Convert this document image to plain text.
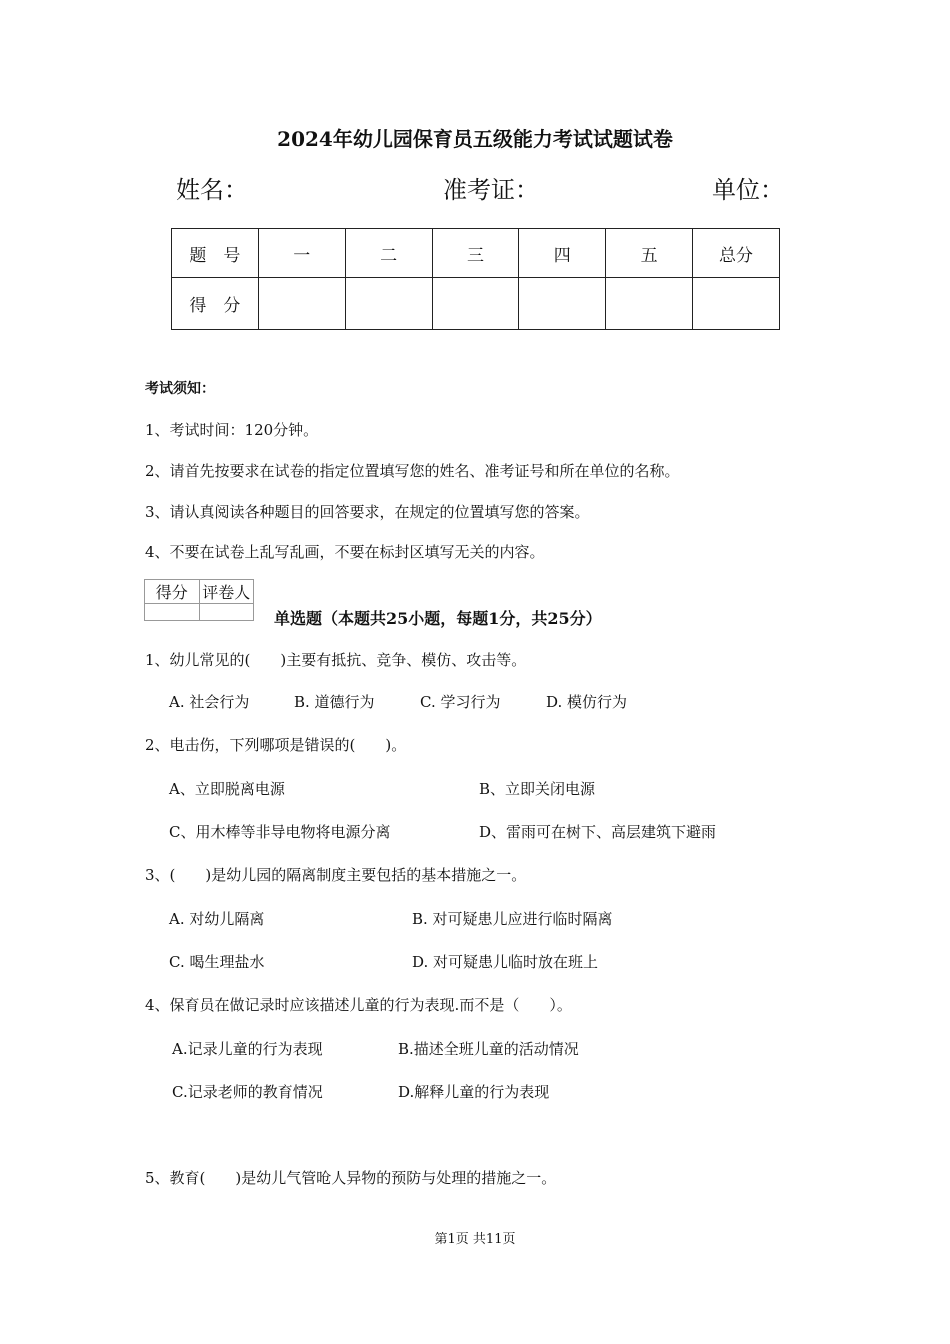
2024年幼儿园保育员五级能力考试试题试卷
姓名：	准考证：	单位：
题　号	一	二	三	四	五	总分
得　分						
考试须知：
1、考试时间：120分钟。
2、请首先按要求在试卷的指定位置填写您的姓名、准考证号和所在单位的名称。
3、请认真阅读各种题目的回答要求，在规定的位置填写您的答案。
4、不要在试卷上乱写乱画，不要在标封区填写无关的内容。
得分	评卷人

单选题（本题共25小题，每题1分，共25分）
1、幼儿常见的(　　)主要有抵抗、竞争、模仿、攻击等。
A. 社会行为	B. 道德行为	C. 学习行为	D. 模仿行为
2、电击伤，下列哪项是错误的(　　)。
A、立即脱离电源	B、立即关闭电源
C、用木棒等非导电物将电源分离	D、雷雨可在树下、高层建筑下避雨
3、(　　)是幼儿园的隔离制度主要包括的基本措施之一。
A. 对幼儿隔离	B. 对可疑患儿应进行临时隔离
C. 喝生理盐水	D. 对可疑患儿临时放在班上
4、保育员在做记录时应该描述儿童的行为表现.而不是（　　）。
A.记录儿童的行为表现	B.描述全班儿童的活动情况
C.记录老师的教育情况	D.解释儿童的行为表现
5、教育(　　)是幼儿气管呛人异物的预防与处理的措施之一。
第1页 共11页
